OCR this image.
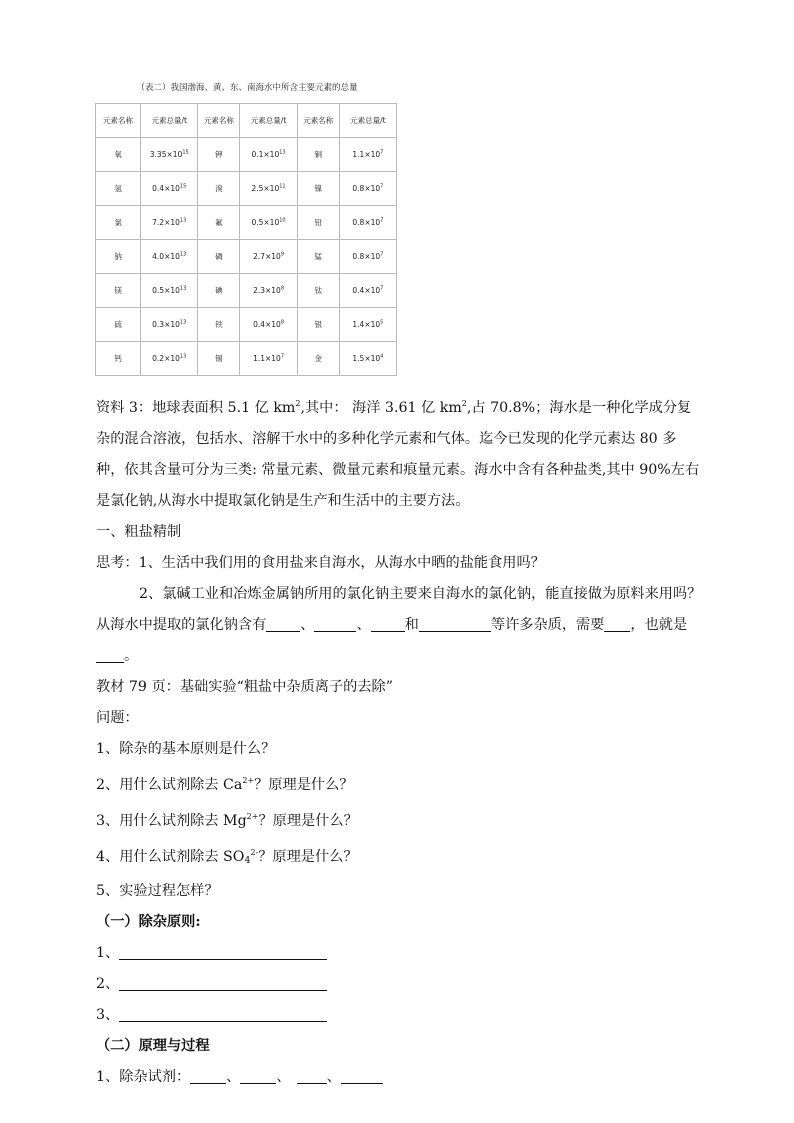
（表二）我国渤海、黄、东、南海水中所含主要元素的总量
元素名称	元素总量/t	元素名称	元素总量/t	元素名称	元素总量/t
氧	$3.35\times 10^{15}$	钾	$0.1\times 10^{13}$	铜	$1.1\times 10^7$
氢	$0.4\times 10^{15}$	溴	$2.5\times 10^{11}$	镍	$0.8\times 10^7$
氯	$7.2\times 10^{13}$	氟	$0.5\times 10^{10}$	铅	$0.8\times 10^7$
钠	$4.0\times 10^{13}$	磷	$2.7\times 10^9$	锰	$0.8\times 10^7$
镁	$0.5\times 10^{13}$	碘	$2.3\times 10^8$	钛	$0.4\times 10^7$
硫	$0.3\times 10^{13}$	铁	$0.4\times 10^8$	银	$1.4\times 10^5$
钙	$0.2\times 10^{13}$	锡	$1.1\times 10^7$	金	$1.5\times 10^4$

资料 3：地球表面积 5.1 亿 $km^2$,其中： 海洋 3.61 亿 $km^2$,占 70.8%；海水是一种化学成分复杂的混合溶液，包括水、溶解干水中的多种化学元素和气体。迄今已发现的化学元素达 80 多种，依其含量可分为三类: 常量元素、微量元素和痕量元素。海水中含有各种盐类,其中 90%左右是氯化钠,从海水中提取氯化钠是生产和生活中的主要方法。

一、粗盐精制

思考：1、生活中我们用的食用盐来自海水，从海水中晒的盐能食用吗？

2、氯碱工业和冶炼金属钠所用的氯化钠主要来自海水的氯化钠，能直接做为原料来用吗？

从海水中提取的氯化钠含有 、	、 和	等许多杂质，需要 ，也就是。

教材 79 页：基础实验“粗盐中杂质离子的去除”

问题：

1、除杂的基本原则是什么？

2、用什么试剂除去 $Ca^{2+}$？原理是什么？

3、用什么试剂除去 $Mg^{2+}$？原理是什么？

4、用什么试剂除去 $SO_4^{2-}$？原理是什么？

5、实验过程怎样？

（一）除杂原则:

1、

2、

3、

（二）原理与过程

1、除杂试剂：	、	、	、
